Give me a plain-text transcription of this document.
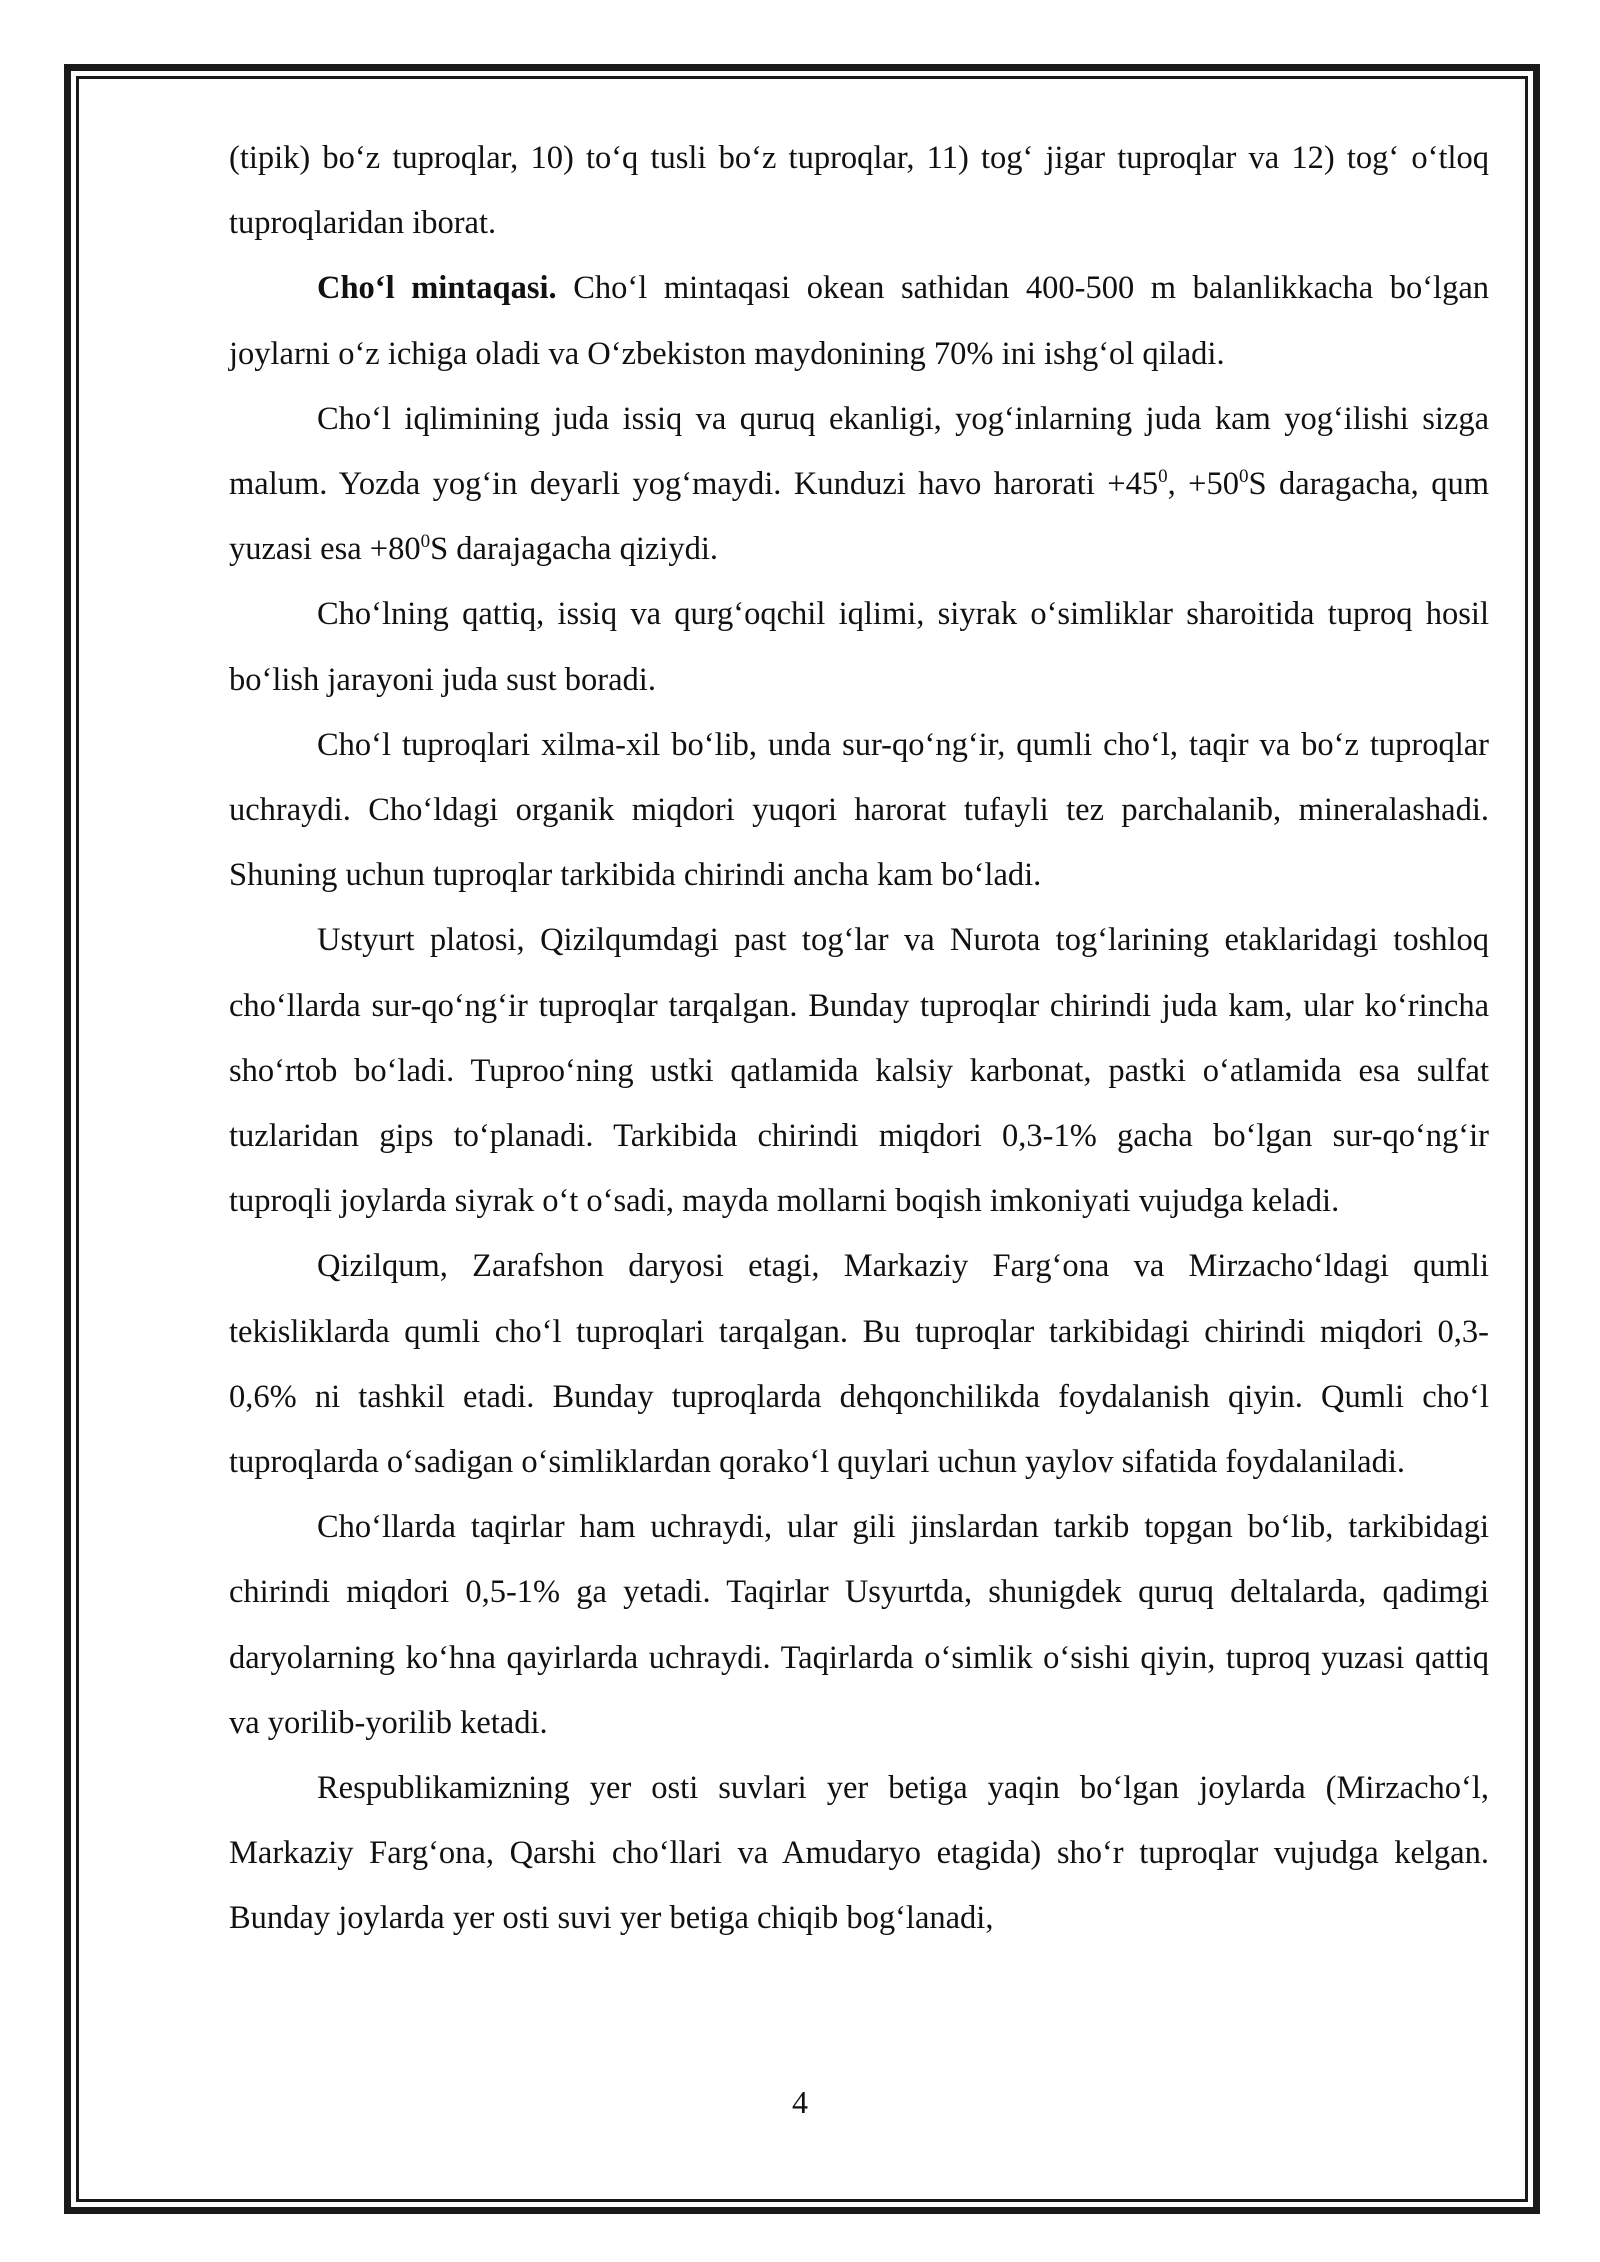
(tipik) bo‘z tuproqlar, 10) to‘q tusli bo‘z tuproqlar, 11) tog‘ jigar tuproqlar va 12) tog‘ o‘tloq tuproqlaridan iborat.

Cho‘l mintaqasi. Cho‘l mintaqasi okean sathidan 400-500 m balanlikkacha bo‘lgan joylarni o‘z ichiga oladi va O‘zbekiston maydonining 70% ini ishg‘ol qiladi.

Cho‘l iqlimining juda issiq va quruq ekanligi, yog‘inlarning juda kam yog‘ilishi sizga malum. Yozda yog‘in deyarli yog‘maydi. Kunduzi havo harorati $+45^0$, $+50^0S$ daragacha, qum yuzasi esa $+80^0S$ darajagacha qiziydi.

Cho‘lning qattiq, issiq va qurg‘oqchil iqlimi, siyrak o‘simliklar sharoitida tuproq hosil bo‘lish jarayoni juda sust boradi.

Cho‘l tuproqlari xilma-xil bo‘lib, unda sur-qo‘ng‘ir, qumli cho‘l, taqir va bo‘z tuproqlar uchraydi. Cho‘ldagi organik miqdori yuqori harorat tufayli tez parchalanib, mineralashadi. Shuning uchun tuproqlar tarkibida chirindi ancha kam bo‘ladi.

Ustyurt platosi, Qizilqumdagi past tog‘lar va Nurota tog‘larining etaklaridagi toshloq cho‘llarda sur-qo‘ng‘ir tuproqlar tarqalgan. Bunday tuproqlar chirindi juda kam, ular ko‘rincha sho‘rtob bo‘ladi. Tuproo‘ning ustki qatlamida kalsiy karbonat, pastki o‘atlamida esa sulfat tuzlaridan gips to‘planadi. Tarkibida chirindi miqdori 0,3-1% gacha bo‘lgan sur-qo‘ng‘ir tuproqli joylarda siyrak o‘t o‘sadi, mayda mollarni boqish imkoniyati vujudga keladi.

Qizilqum, Zarafshon daryosi etagi, Markaziy Farg‘ona va Mirzacho‘ldagi qumli tekisliklarda qumli cho‘l tuproqlari tarqalgan. Bu tuproqlar tarkibidagi chirindi miqdori 0,3-0,6% ni tashkil etadi. Bunday tuproqlarda dehqonchilikda foydalanish qiyin. Qumli cho‘l tuproqlarda o‘sadigan o‘simliklardan qorako‘l quylari uchun yaylov sifatida foydalaniladi.

Cho‘llarda taqirlar ham uchraydi, ular gili jinslardan tarkib topgan bo‘lib, tarkibidagi chirindi miqdori 0,5-1% ga yetadi. Taqirlar Usyurtda, shunigdek quruq deltalarda, qadimgi daryolarning ko‘hna qayirlarda uchraydi. Taqirlarda o‘simlik o‘sishi qiyin, tuproq yuzasi qattiq va yorilib-yorilib ketadi.

Respublikamizning yer osti suvlari yer betiga yaqin bo‘lgan joylarda (Mirzacho‘l, Markaziy Farg‘ona, Qarshi cho‘llari va Amudaryo etagida) sho‘r tuproqlar vujudga kelgan. Bunday joylarda yer osti suvi yer betiga chiqib bog‘lanadi,

4
